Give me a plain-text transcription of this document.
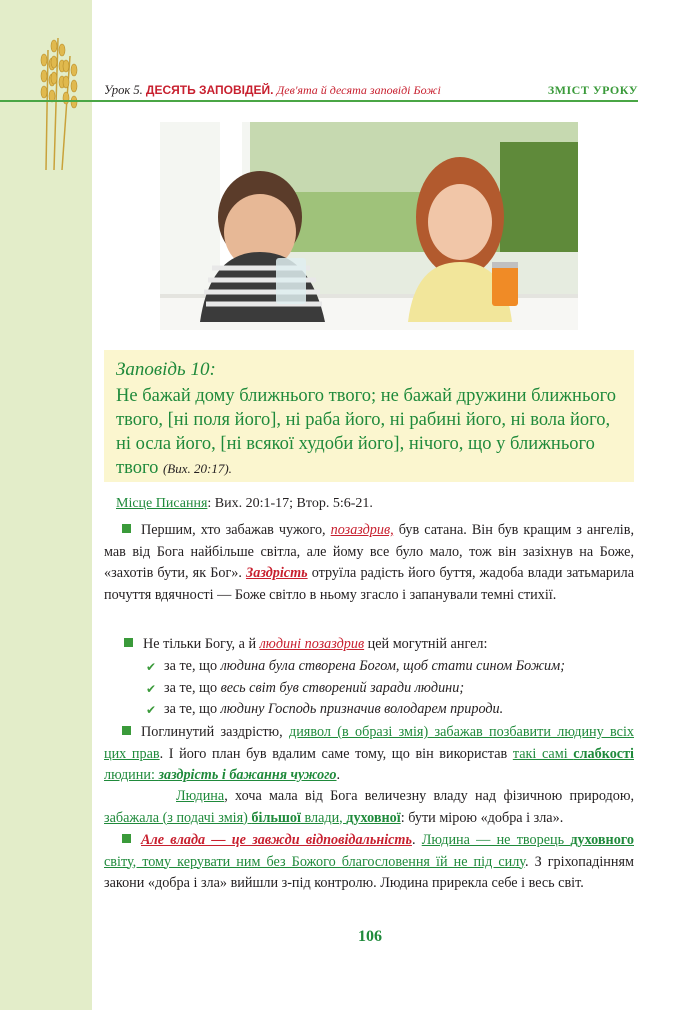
Урок 5. ДЕСЯТЬ ЗАПОВІДЕЙ. Дев'ята й десята заповіді Божі	ЗМІСТ УРОКУ
Заповідь 10:
Не бажай дому ближнього твого; не бажай дружини ближнього твого, [ні поля його], ні раба його, ні рабині його, ні вола його, ні осла його, [ні всякої худоби його], нічого, що у ближнього твого (Вих. 20:17).
Місце Писання: Вих. 20:1-17; Втор. 5:6-21.
Першим, хто забажав чужого, позаздрив, був сатана. Він був кращим з ангелів, мав від Бога найбільше світла, але йому все було мало, тож він зазіхнув на Боже, «захотів бути, як Бог». Заздрість отруїла радість його буття, жадоба влади затьмарила почуття вдячності — Боже світло в ньому згасло і запанували темні стихії.
Не тільки Богу, а й людині позаздрив цей могутній ангел:
✔ за те, що людина була створена Богом, щоб стати сином Божим;
✔ за те, що весь світ був створений заради людини;
✔ за те, що людину Господь призначив володарем природи.
Поглинутий заздрістю, диявол (в образі змія) забажав позбавити людину всіх цих прав. І його план був вдалим саме тому, що він використав такі самі слабкості людини: заздрість і бажання чужого.
Людина, хоча мала від Бога величезну владу над фізичною природою, забажала (з подачі змія) більшої влади, духовної: бути мірою «добра і зла».
Але влада — це завжди відповідальність. Людина — не творець духовного світу, тому керувати ним без Божого благословення їй не під силу. З гріхопадінням закони «добра і зла» вийшли з-під контролю. Людина прирекла себе і весь світ.
106
